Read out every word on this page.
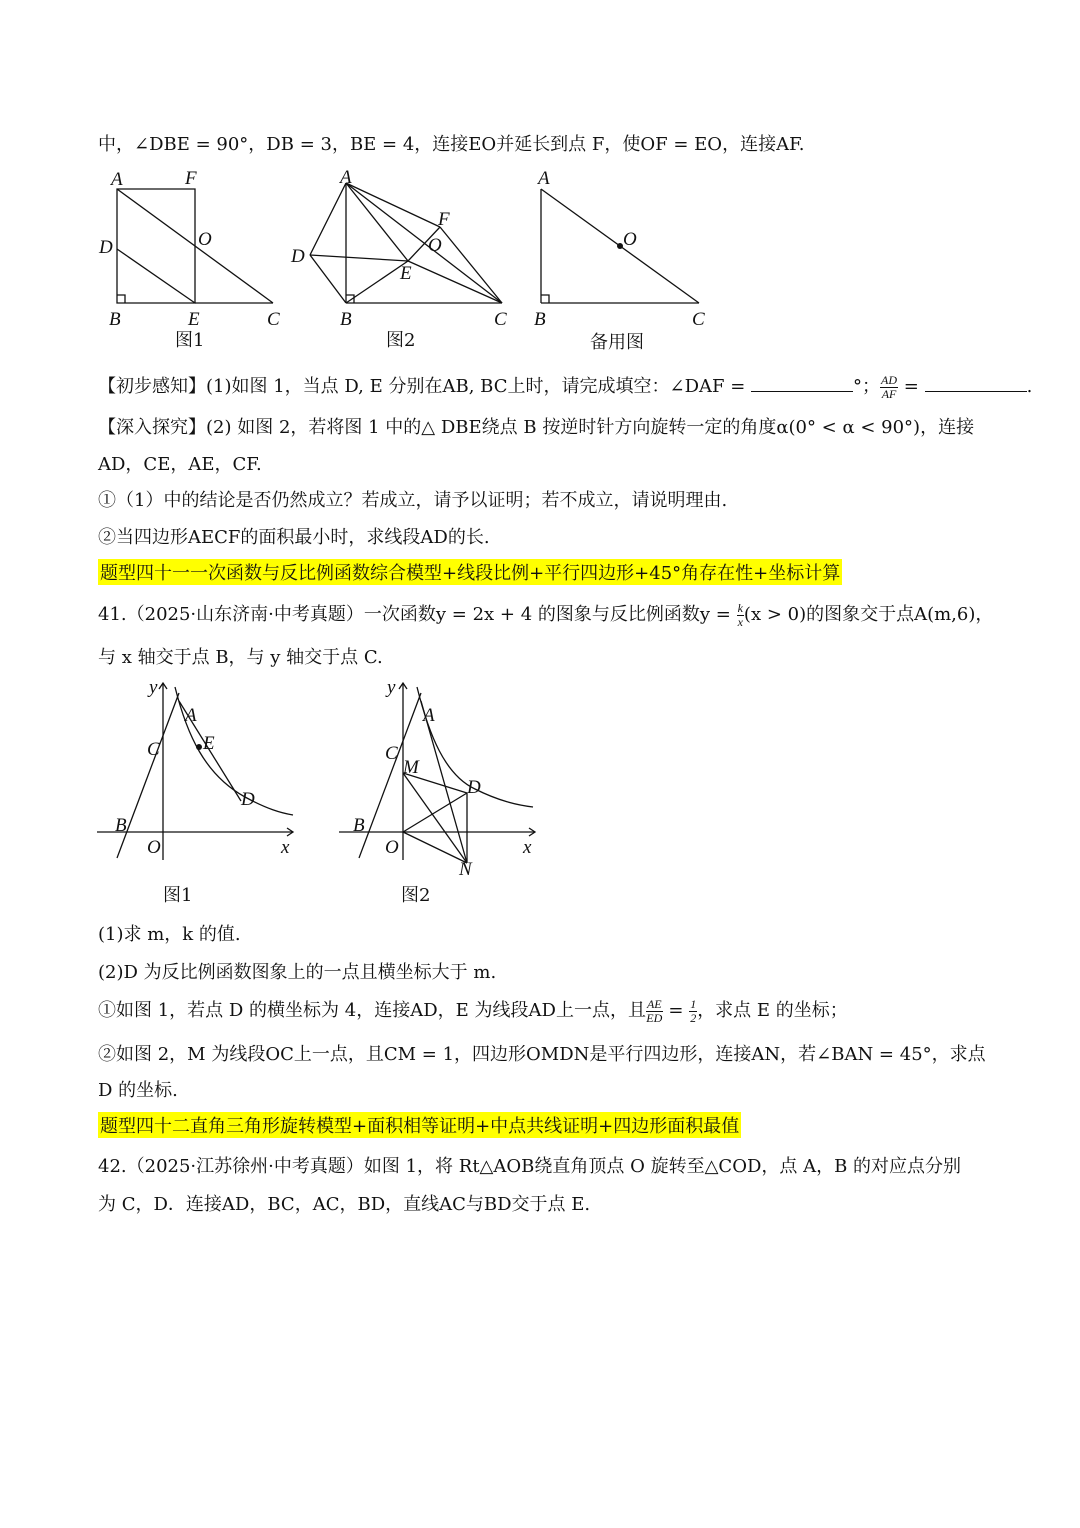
中，∠DBE = 90°，DB = 3，BE = 4，连接EO并延长到点 F，使OF = EO，连接AF.
A	F
D	O
B	E	C
图1
A
F
O
D
E
B	C
图2
A
O
B	C
备用图
【初步感知】(1)如图 1，当点 D, E 分别在AB, BC上时，请完成填空：∠DAF =	°； $\frac{AD}{AF}$ =	.
【深入探究】(2) 如图 2，若将图 1 中的△ DBE绕点 B 按逆时针方向旋转一定的角度α(0° < α < 90°)，连接
AD，CE，AE，CF.
①（1）中的结论是否仍然成立？若成立，请予以证明；若不成立，请说明理由.
②当四边形AECF的面积最小时，求线段AD的长.
题型四十一一次函数与反比例函数综合模型+线段比例+平行四边形+45°角存在性+坐标计算
41.（2025·山东济南·中考真题）一次函数y = 2x + 4 的图象与反比例函数$y = \frac{k}{x} (x > 0)$的图象交于点A(m,6)，
与 x 轴交于点 B，与 y 轴交于点 C.
y
A
E
C
D
B
O	x
图1
y
A
C
M
D
B
O	x
N
图2
(1)求 m，k 的值.
(2)D 为反比例函数图象上的一点且横坐标大于 m.
①如图 1，若点 D 的横坐标为 4，连接AD，E 为线段AD上一点，且 $\frac{AE}{ED} = \frac{1}{2}$ ，求点 E 的坐标；
②如图 2，M 为线段OC上一点，且CM = 1，四边形OMDN是平行四边形，连接AN，若∠BAN = 45°，求点
D 的坐标.
题型四十二直角三角形旋转模型+面积相等证明+中点共线证明+四边形面积最值
42.（2025·江苏徐州·中考真题）如图 1，将 Rt△AOB绕直角顶点 O 旋转至△COD，点 A，B 的对应点分别
为 C，D．连接AD，BC，AC，BD，直线AC与BD交于点 E.
